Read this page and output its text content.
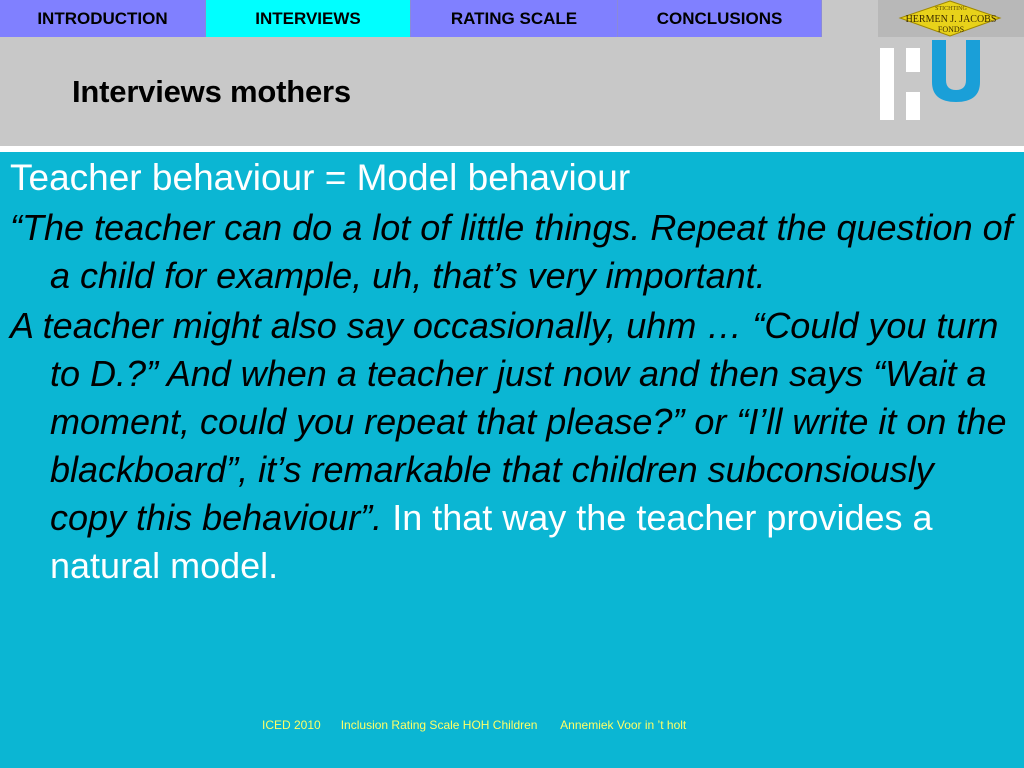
INTRODUCTION	INTERVIEWS	RATING SCALE	CONCLUSIONS	STICHTING
HERMEN J. JACOBS
FONDS
Interviews mothers
Teacher behaviour = Model behaviour
“The teacher can do a lot of little things. Repeat the question of a child for example, uh, that’s very important.
A teacher might also say occasionally, uhm … “Could you turn to D.?” And when a teacher just now and then says “Wait a moment, could you repeat that please?” or “I’ll write it on the blackboard”, it’s remarkable that children subconsiously copy this behaviour”. In that way the teacher provides a natural model.
ICED 2010 Inclusion Rating Scale HOH Children Annemiek Voor in ’t holt
